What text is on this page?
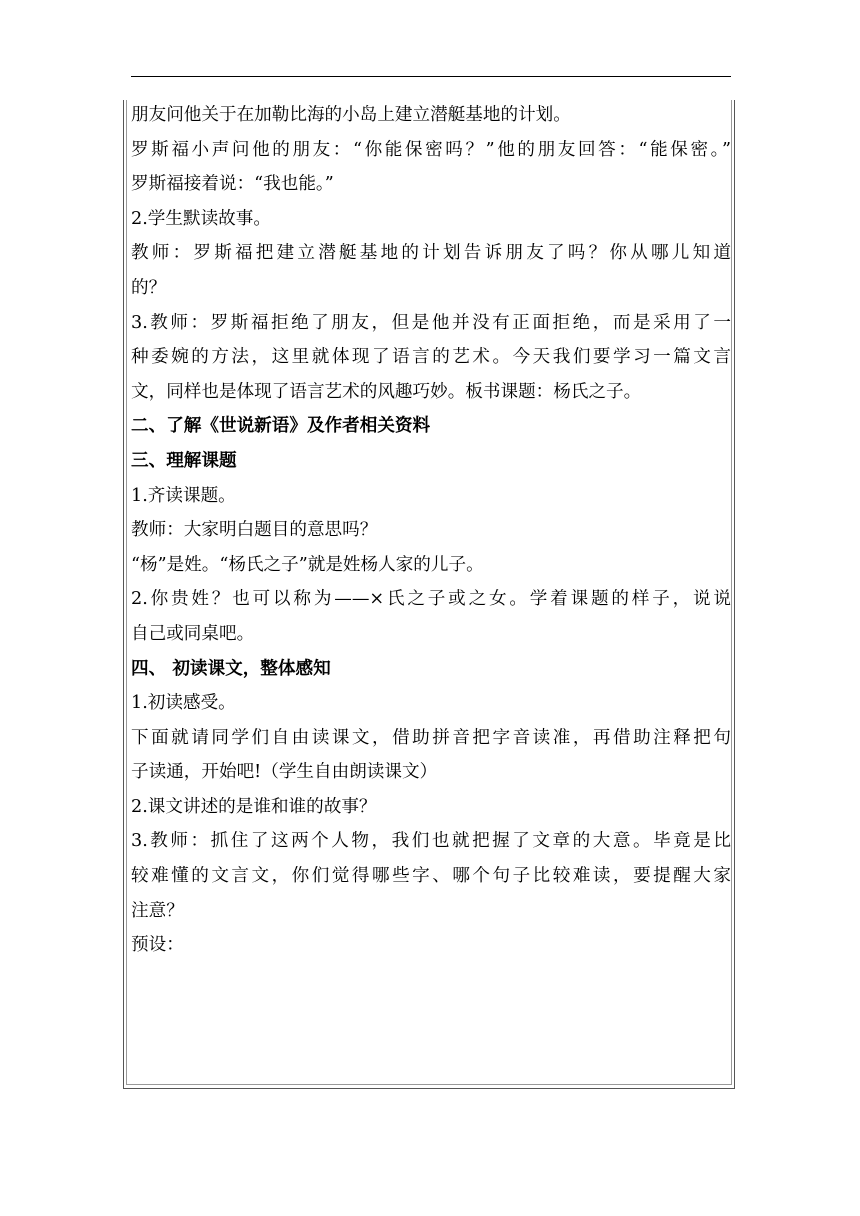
朋友问他关于在加勒比海的小岛上建立潜艇基地的计划。
罗斯福小声问他的朋友：“你能保密吗？”他的朋友回答：“能保密。”
罗斯福接着说：“我也能。”
2.学生默读故事。
教师：罗斯福把建立潜艇基地的计划告诉朋友了吗？你从哪儿知道
的？
3.教师：罗斯福拒绝了朋友，但是他并没有正面拒绝，而是采用了一
种委婉的方法，这里就体现了语言的艺术。今天我们要学习一篇文言
文，同样也是体现了语言艺术的风趣巧妙。板书课题：杨氏之子。
二、了解《世说新语》及作者相关资料
三、理解课题
1.齐读课题。
教师：大家明白题目的意思吗？
“杨”是姓。“杨氏之子”就是姓杨人家的儿子。
2.你贵姓？也可以称为——×氏之子或之女。学着课题的样子，说说
自己或同桌吧。
四、 初读课文，整体感知
1.初读感受。
下面就请同学们自由读课文，借助拼音把字音读准，再借助注释把句
子读通，开始吧!（学生自由朗读课文）
2.课文讲述的是谁和谁的故事？
3.教师：抓住了这两个人物，我们也就把握了文章的大意。毕竟是比
较难懂的文言文，你们觉得哪些字、哪个句子比较难读，要提醒大家
注意？
预设：
